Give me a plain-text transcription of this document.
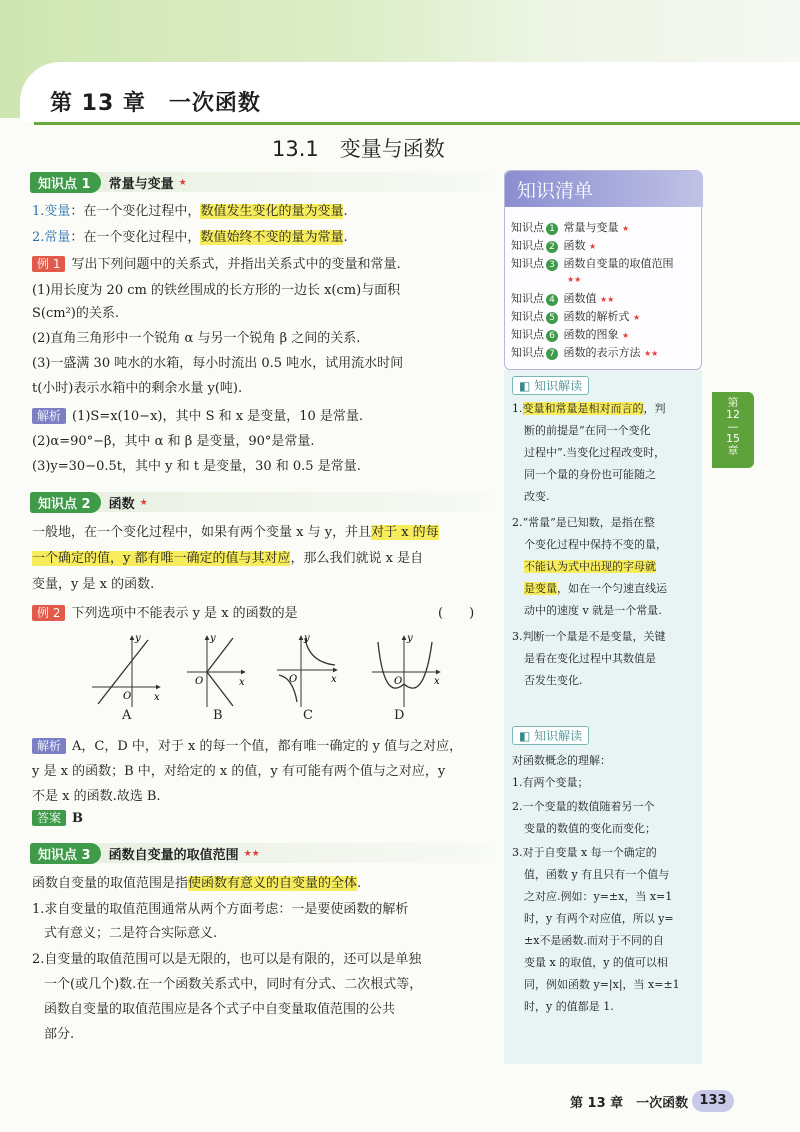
第 13 章　一次函数
13.1　变量与函数
知识点 1	常量与变量 ★
1.变量：在一个变化过程中，数值发生变化的量为变量.
2.常量：在一个变化过程中，数值始终不变的量为常量.
例 1 写出下列问题中的关系式，并指出关系式中的变量和常量.
(1)用长度为 20 cm 的铁丝围成的长方形的一边长 x(cm)与面积
S(cm²)的关系.
(2)直角三角形中一个锐角 α 与另一个锐角 β 之间的关系.
(3)一盛满 30 吨水的水箱，每小时流出 0.5 吨水，试用流水时间
t(小时)表示水箱中的剩余水量 y(吨).
解析 (1)S=x(10−x)，其中 S 和 x 是变量，10 是常量.
(2)α=90°−β，其中 α 和 β 是变量，90°是常量.
(3)y=30−0.5t，其中 y 和 t 是变量，30 和 0.5 是常量.
知识点 2	函数 ★
一般地，在一个变化过程中，如果有两个变量 x 与 y，并且对于 x 的每
一个确定的值，y 都有唯一确定的值与其对应，那么我们就说 x 是自
变量，y 是 x 的函数.
例 2 下列选项中不能表示 y 是 x 的函数的是	(　　)
O x
y
O	x
y
O	x
y
O	x
y
A	B	C	D
解析 A，C，D 中，对于 x 的每一个值，都有唯一确定的 y 值与之对应，
y 是 x 的函数；B 中，对给定的 x 的值，y 有可能有两个值与之对应，y
不是 x 的函数.故选 B.
答案 B
知识点 3	函数自变量的取值范围 ★★
函数自变量的取值范围是指使函数有意义的自变量的全体.
1.求自变量的取值范围通常从两个方面考虑：一是要使函数的解析
式有意义；二是符合实际意义.
2.自变量的取值范围可以是无限的，也可以是有限的，还可以是单独
一个(或几个)数.在一个函数关系式中，同时有分式、二次根式等，
函数自变量的取值范围应是各个式子中自变量取值范围的公共
部分.
知识清单
知识点 1 常量与变量 ★
知识点 2 函数 ★
知识点 3 函数自变量的取值范围
★★
知识点 4 函数值 ★★
知识点 5 函数的解析式 ★
知识点 6 函数的图象 ★
知识点 7 函数的表示方法 ★★
◧ 知识解读
1.变量和常量是相对而言的，判
断的前提是“在同一个变化
过程中”.当变化过程改变时，
同一个量的身份也可能随之
改变.
2.“常量”是已知数，是指在整
个变化过程中保持不变的量，
不能认为式中出现的字母就
是变量，如在一个匀速直线运
动中的速度 v 就是一个常量.
3.判断一个量是不是变量，关键
是看在变化过程中其数值是
否发生变化.
◧ 知识解读
对函数概念的理解：
1.有两个变量；
2.一个变量的数值随着另一个
变量的数值的变化而变化；
3.对于自变量 x 每一个确定的
值，函数 y 有且只有一个值与
之对应.例如：y=±x，当 x=1
时，y 有两个对应值，所以 y=
±x不是函数.而对于不同的自
变量 x 的取值，y 的值可以相
同，例如函数 y=|x|，当 x=±1
时，y 的值都是 1.
第12—15章
第 13 章　一次函数 133
